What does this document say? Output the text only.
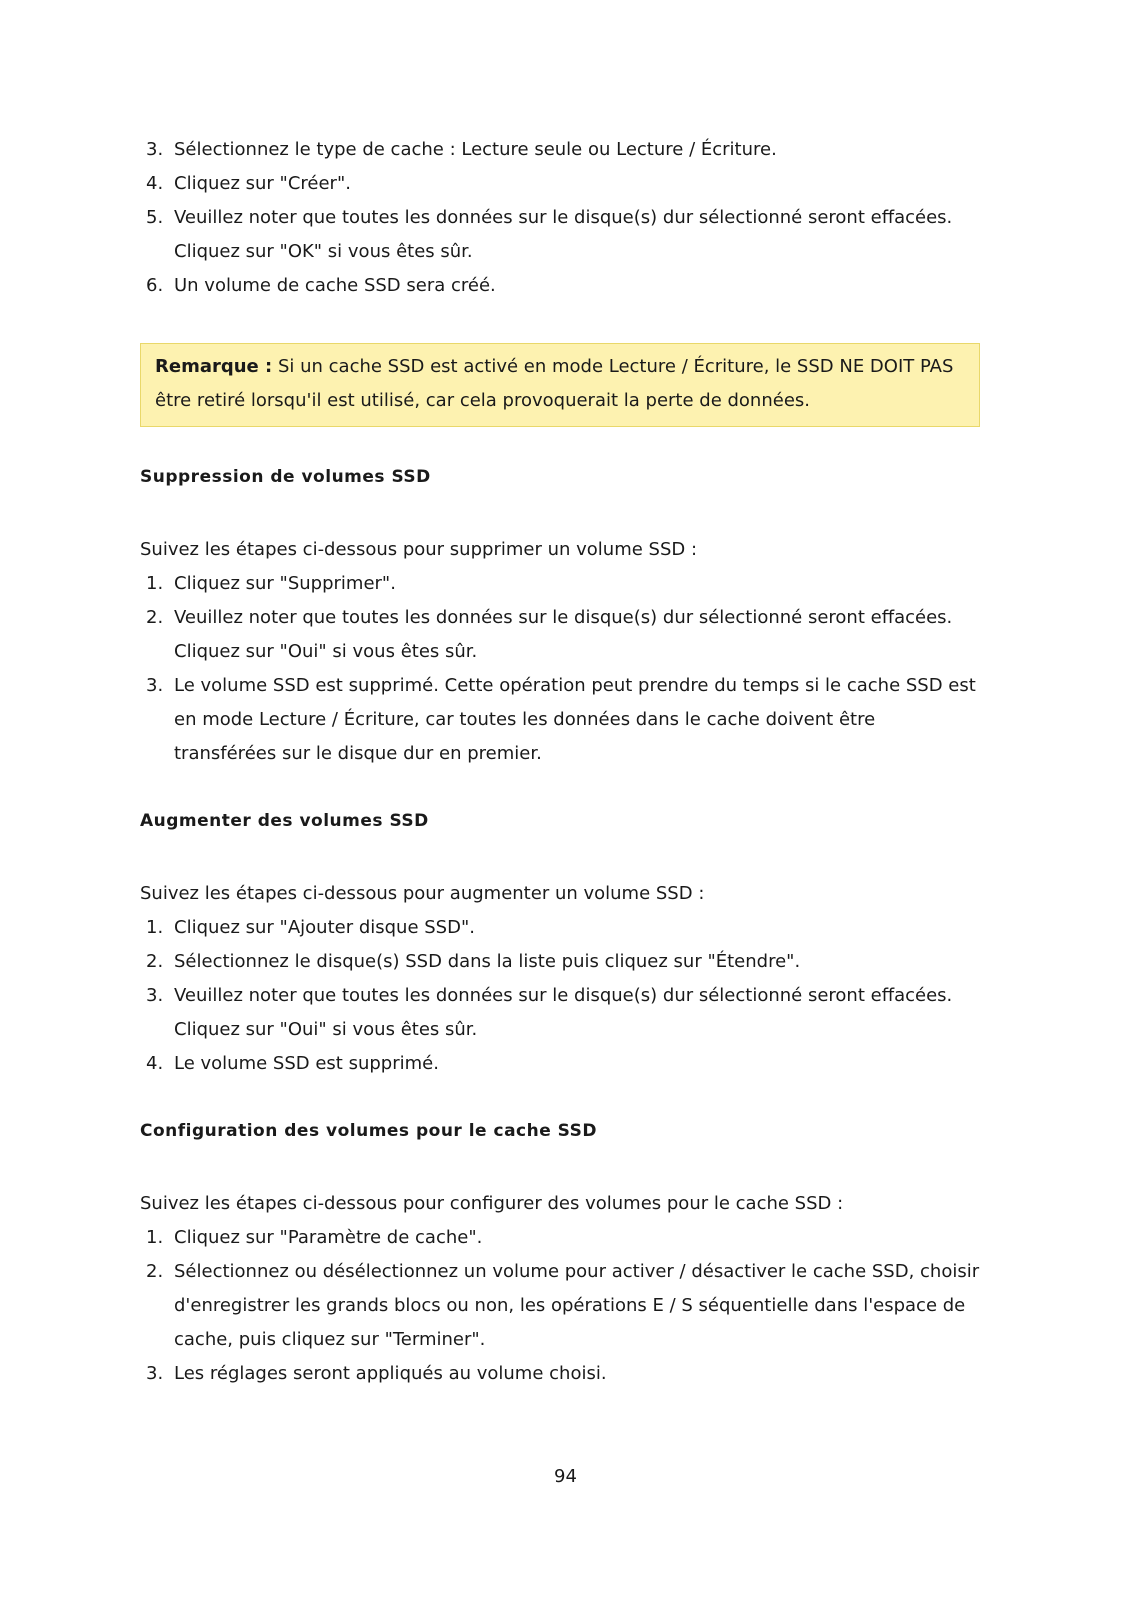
3. Sélectionnez le type de cache : Lecture seule ou Lecture / Écriture.
4. Cliquez sur "Créer".
5. Veuillez noter que toutes les données sur le disque(s) dur sélectionné seront effacées. Cliquez sur "OK" si vous êtes sûr.
6. Un volume de cache SSD sera créé.
Remarque : Si un cache SSD est activé en mode Lecture / Écriture, le SSD NE DOIT PAS être retiré lorsqu'il est utilisé, car cela provoquerait la perte de données.
Suppression de volumes SSD
Suivez les étapes ci-dessous pour supprimer un volume SSD :
1. Cliquez sur "Supprimer".
2. Veuillez noter que toutes les données sur le disque(s) dur sélectionné seront effacées. Cliquez sur "Oui" si vous êtes sûr.
3. Le volume SSD est supprimé. Cette opération peut prendre du temps si le cache SSD est en mode Lecture / Écriture, car toutes les données dans le cache doivent être transférées sur le disque dur en premier.
Augmenter des volumes SSD
Suivez les étapes ci-dessous pour augmenter un volume SSD :
1. Cliquez sur "Ajouter disque SSD".
2. Sélectionnez le disque(s) SSD dans la liste puis cliquez sur "Étendre".
3. Veuillez noter que toutes les données sur le disque(s) dur sélectionné seront effacées. Cliquez sur "Oui" si vous êtes sûr.
4. Le volume SSD est supprimé.
Configuration des volumes pour le cache SSD
Suivez les étapes ci-dessous pour configurer des volumes pour le cache SSD :
1. Cliquez sur "Paramètre de cache".
2. Sélectionnez ou désélectionnez un volume pour activer / désactiver le cache SSD, choisir d'enregistrer les grands blocs ou non, les opérations E / S séquentielle dans l'espace de cache, puis cliquez sur "Terminer".
3. Les réglages seront appliqués au volume choisi.
94
